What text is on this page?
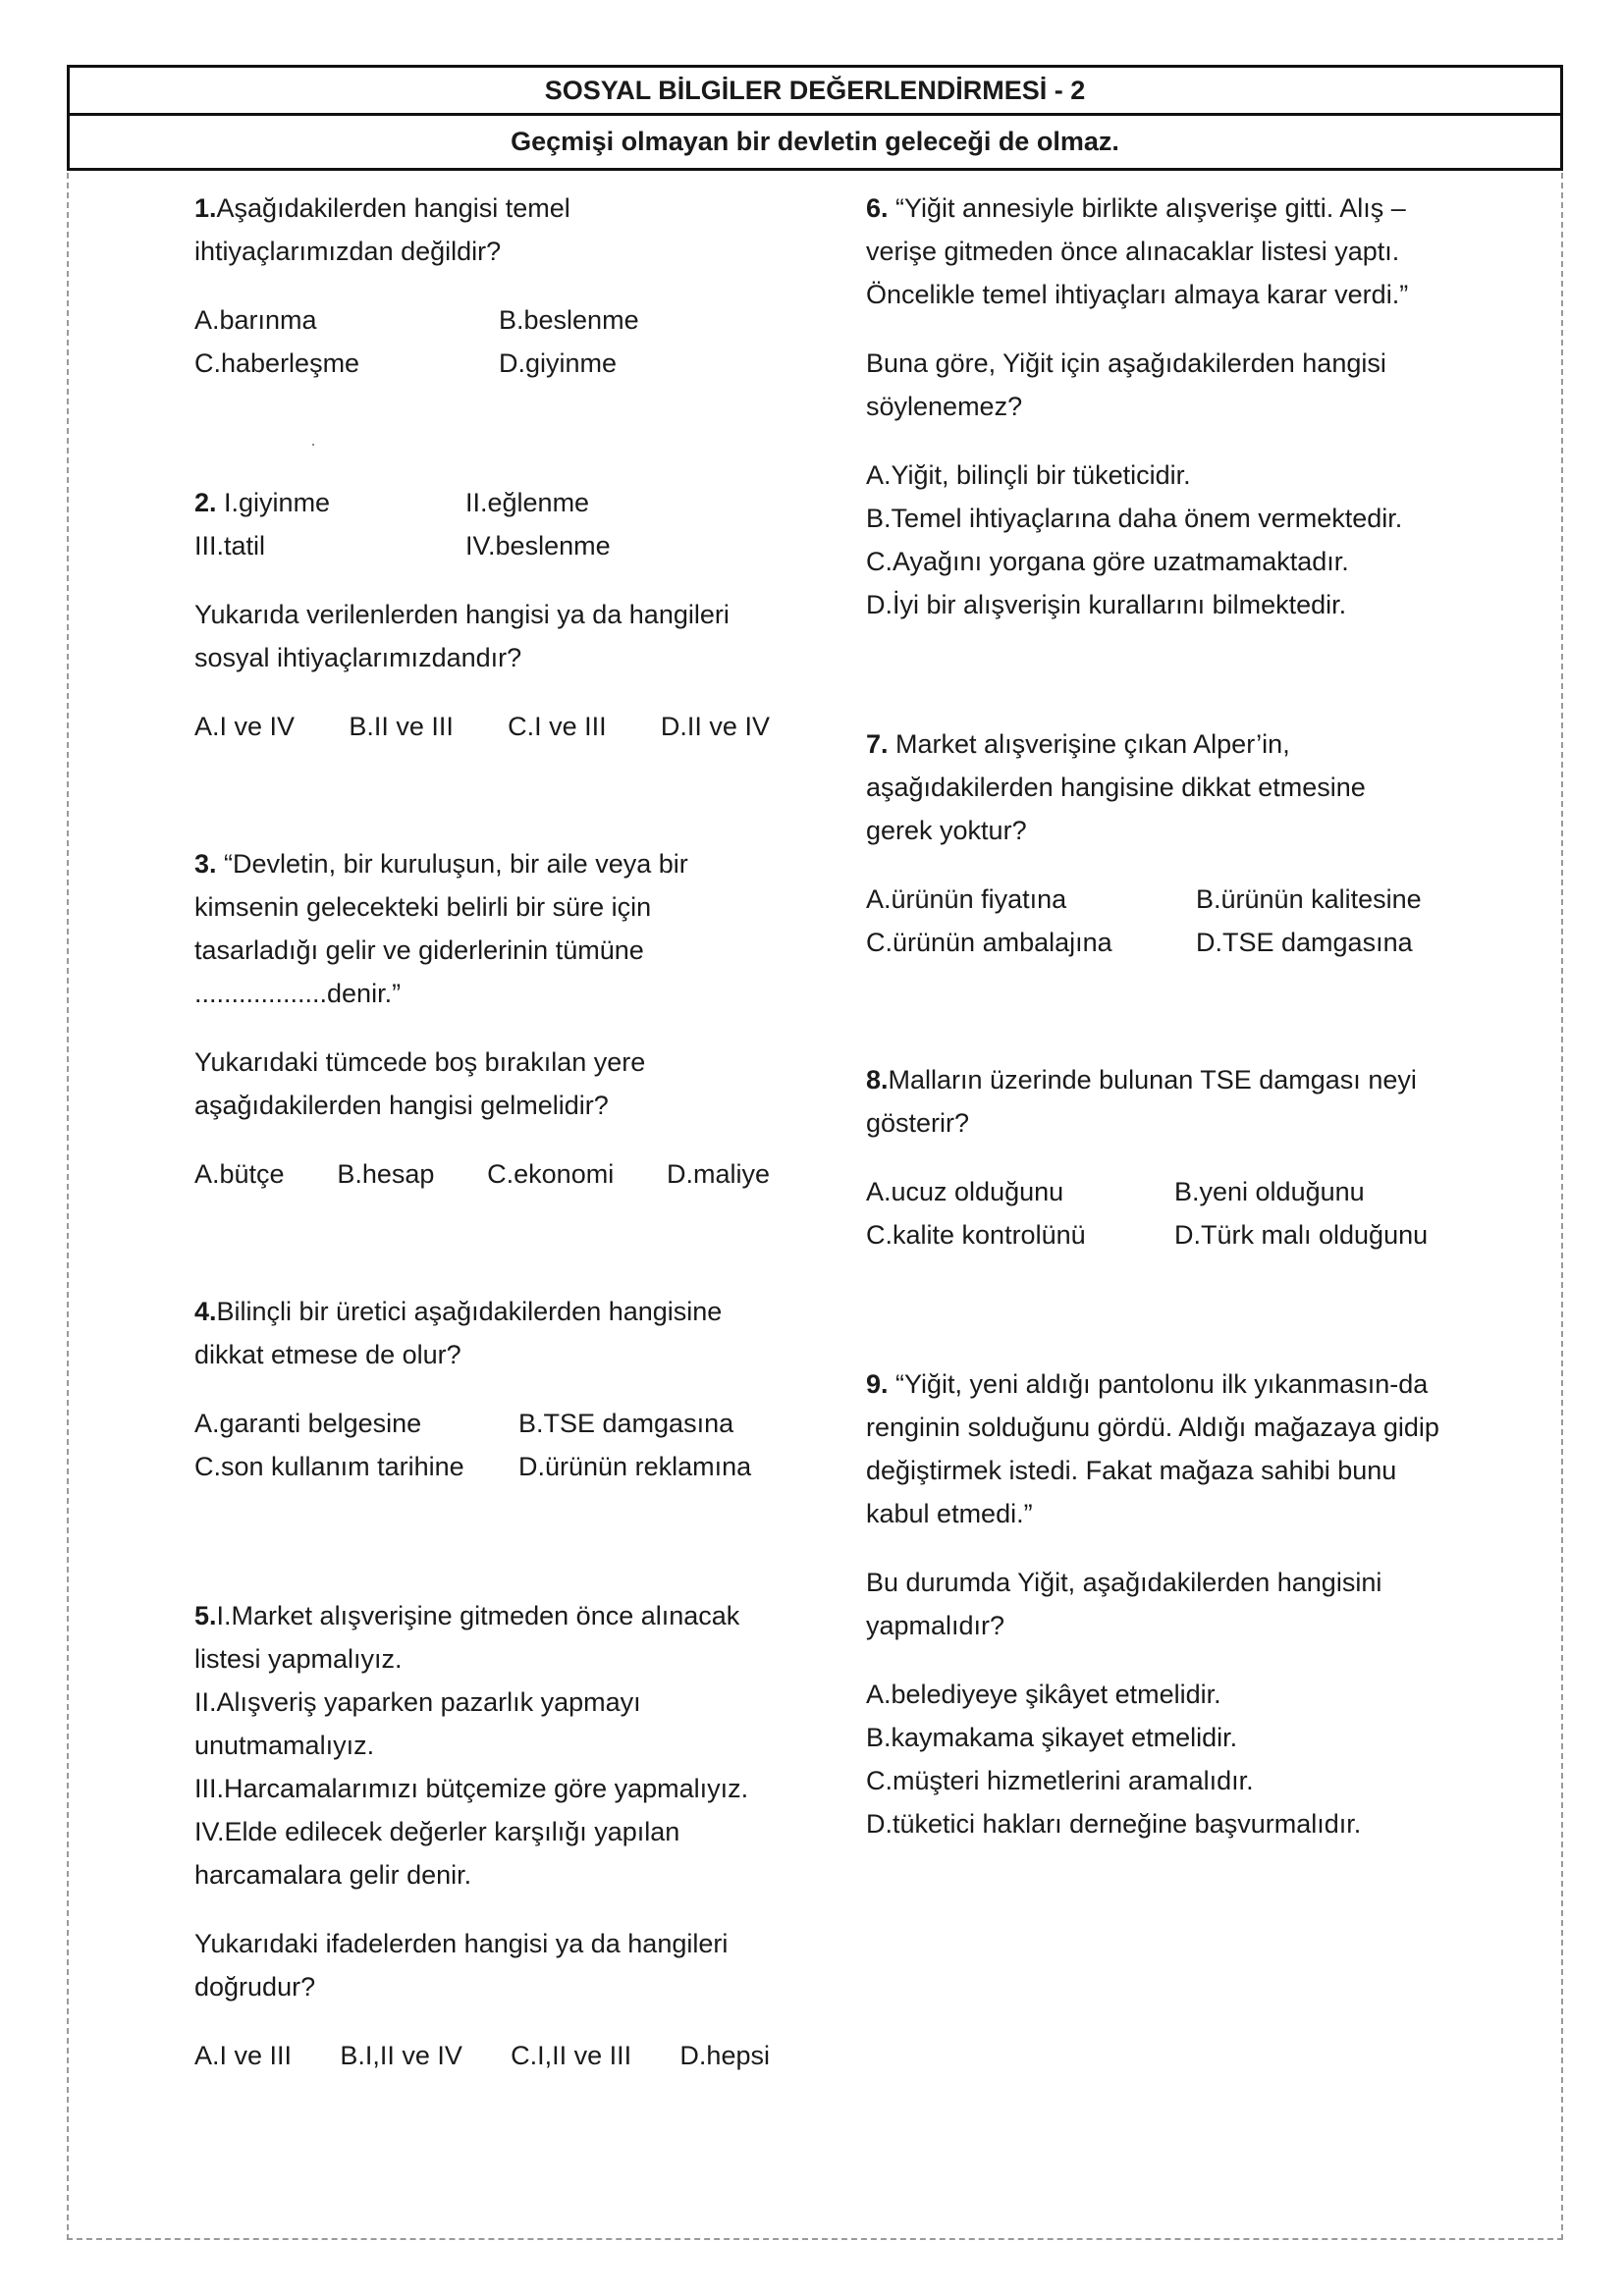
SOSYAL BİLGİLER DEĞERLENDİRMESİ - 2
Geçmişi olmayan bir devletin geleceği de olmaz.

1.Aşağıdakilerden hangisi temel ihtiyaçlarımızdan değildir?

A.barınma	B.beslenme
C.haberleşme	D.giyinme
2. I.giyinme	II.eğlenme
III.tatil	IV.beslenme

Yukarıda verilenlerden hangisi ya da hangileri sosyal ihtiyaçlarımızdandır?

A.I ve IV B.II ve III C.I ve III D.II ve IV

3. “Devletin, bir kuruluşun, bir aile veya bir kimsenin gelecekteki belirli bir süre için tasarladığı gelir ve giderlerinin tümüne ..................denir.”

Yukarıdaki tümcede boş bırakılan yere aşağıdakilerden hangisi gelmelidir?

A.bütçe B.hesap C.ekonomi D.maliye

4.Bilinçli bir üretici aşağıdakilerden hangisine dikkat etmese de olur?

A.garanti belgesine	B.TSE damgasına
C.son kullanım tarihine	D.ürünün reklamına

5.I.Market alışverişine gitmeden önce alınacak listesi yapmalıyız.

II.Alışveriş yaparken pazarlık yapmayı unutmamalıyız.

III.Harcamalarımızı bütçemize göre yapmalıyız.

IV.Elde edilecek değerler karşılığı yapılan harcamalara gelir denir.

Yukarıdaki ifadelerden hangisi ya da hangileri doğrudur?

A.I ve III B.I,II ve IV C.I,II ve III D.hepsi

6. “Yiğit annesiyle birlikte alışverişe gitti. Alış – verişe gitmeden önce alınacaklar listesi yaptı. Öncelikle temel ihtiyaçları almaya karar verdi.”

Buna göre, Yiğit için aşağıdakilerden hangisi söylenemez?

A.Yiğit, bilinçli bir tüketicidir.
B.Temel ihtiyaçlarına daha önem vermektedir.
C.Ayağını yorgana göre uzatmamaktadır.
D.İyi bir alışverişin kurallarını bilmektedir.

7. Market alışverişine çıkan Alper’in, aşağıdakilerden hangisine dikkat etmesine gerek yoktur?

A.ürünün fiyatına	B.ürünün kalitesine
C.ürünün ambalajına	D.TSE damgasına

8.Malların üzerinde bulunan TSE damgası neyi gösterir?

A.ucuz olduğunu	B.yeni olduğunu
C.kalite kontrolünü	D.Türk malı olduğunu

9. “Yiğit, yeni aldığı pantolonu ilk yıkanmasın-da renginin solduğunu gördü. Aldığı mağazaya gidip değiştirmek istedi. Fakat mağaza sahibi bunu kabul etmedi.”

Bu durumda Yiğit, aşağıdakilerden hangisini yapmalıdır?

A.belediyeye şikâyet etmelidir.
B.kaymakama şikayet etmelidir.
C.müşteri hizmetlerini aramalıdır.
D.tüketici hakları derneğine başvurmalıdır.
